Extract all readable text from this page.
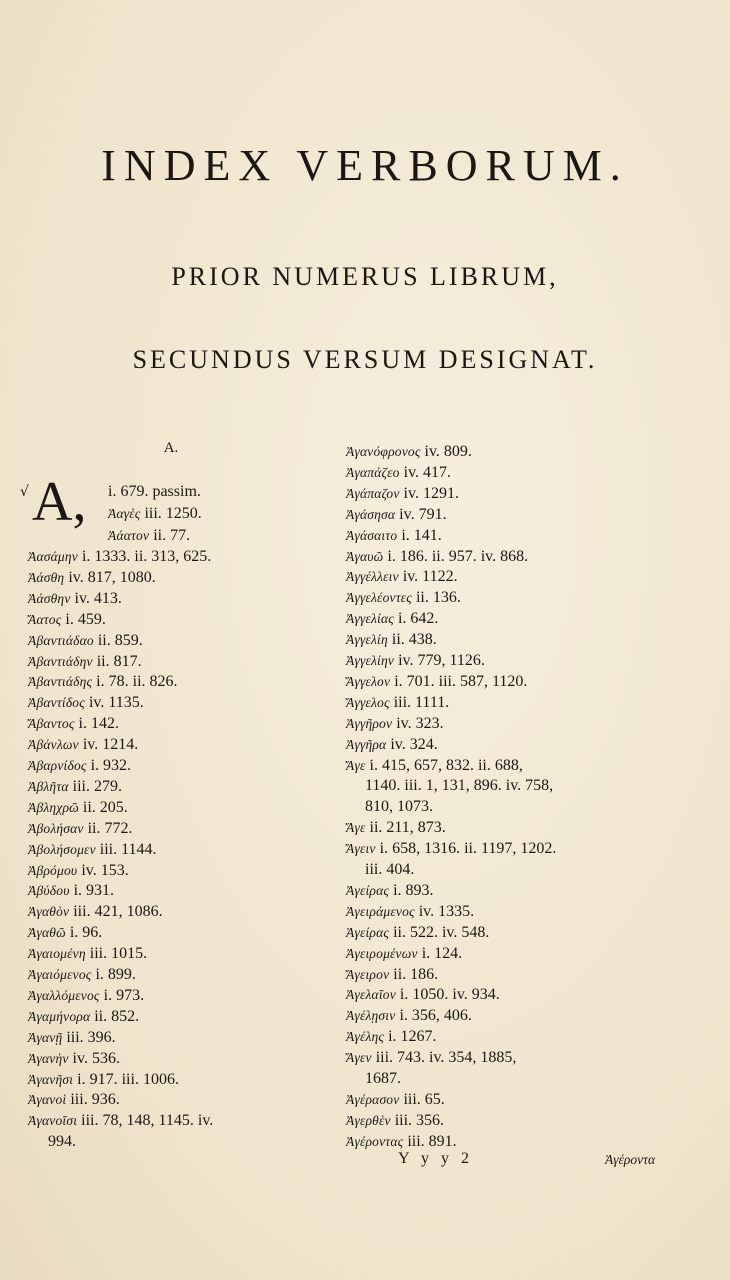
INDEX VERBORUM.
PRIOR NUMERUS LIBRUM,
SECUNDUS VERSUM DESIGNAT.
A.
√ A, i. 679. passim.
Ἀαγὲς iii. 1250.
Ἀάατον ii. 77.
Ἀασάμην i. 1333. ii. 313, 625.
Ἀάσθη iv. 817, 1080.
Ἀάσθην iv. 413.
Ἄατος i. 459.
Ἀβαντιάδαο ii. 859.
Ἀβαντιάδην ii. 817.
Ἀβαντιάδης i. 78. ii. 826.
Ἀβαντίδος iv. 1135.
Ἄβαντος i. 142.
Ἀβάνλων iv. 1214.
Ἀβαρνίδος i. 932.
Ἀβλῆτα iii. 279.
Ἀβληχρῶ ii. 205.
Ἀβολήσαν ii. 772.
Ἀβολήσομεν iii. 1144.
Ἀβρόμου iv. 153.
Ἀβύδου i. 931.
Ἀγαθὸν iii. 421, 1086.
Ἀγαθῶ i. 96.
Ἀγαιομένη iii. 1015.
Ἀγαιόμενος i. 899.
Ἀγαλλόμενος i. 973.
Ἀγαμήνορα ii. 852.
Ἀγανῇ iii. 396.
Ἀγανὴν iv. 536.
Ἀγανῆσι i. 917. iii. 1006.
Ἀγανοὶ iii. 936.
Ἀγανοῖσι iii. 78, 148, 1145. iv.
994.
Ἀγανόφρονος iv. 809.
Ἀγαπάζεο iv. 417.
Ἀγάπαζον iv. 1291.
Ἀγάσησα iv. 791.
Ἀγάσαιτο i. 141.
Ἀγαυῶ i. 186. ii. 957. iv. 868.
Ἀγγέλλειν iv. 1122.
Ἀγγελέοντες ii. 136.
Ἀγγελίας i. 642.
Ἀγγελίη ii. 438.
Ἀγγελίην iv. 779, 1126.
Ἄγγελον i. 701. iii. 587, 1120.
Ἄγγελος iii. 1111.
Ἀγγῆρον iv. 323.
Ἀγγῆρα iv. 324.
Ἄγε i. 415, 657, 832. ii. 688,
1140. iii. 1, 131, 896. iv. 758,
810, 1073.
Ἄγε ii. 211, 873.
Ἄγειν i. 658, 1316. ii. 1197, 1202.
iii. 404.
Ἀγείρας i. 893.
Ἀγειράμενος iv. 1335.
Ἀγείρας ii. 522. iv. 548.
Ἀγειρομένων i. 124.
Ἄγειρον ii. 186.
Ἀγελαῖον i. 1050. iv. 934.
Ἀγέλῃσιν i. 356, 406.
Ἀγέλης i. 1267.
Ἄγεν iii. 743. iv. 354, 1885,
1687.
Ἀγέρασον iii. 65.
Ἀγερθὲν iii. 356.
Ἀγέροντας iii. 891.
Y y y 2	Ἀγέροντα
